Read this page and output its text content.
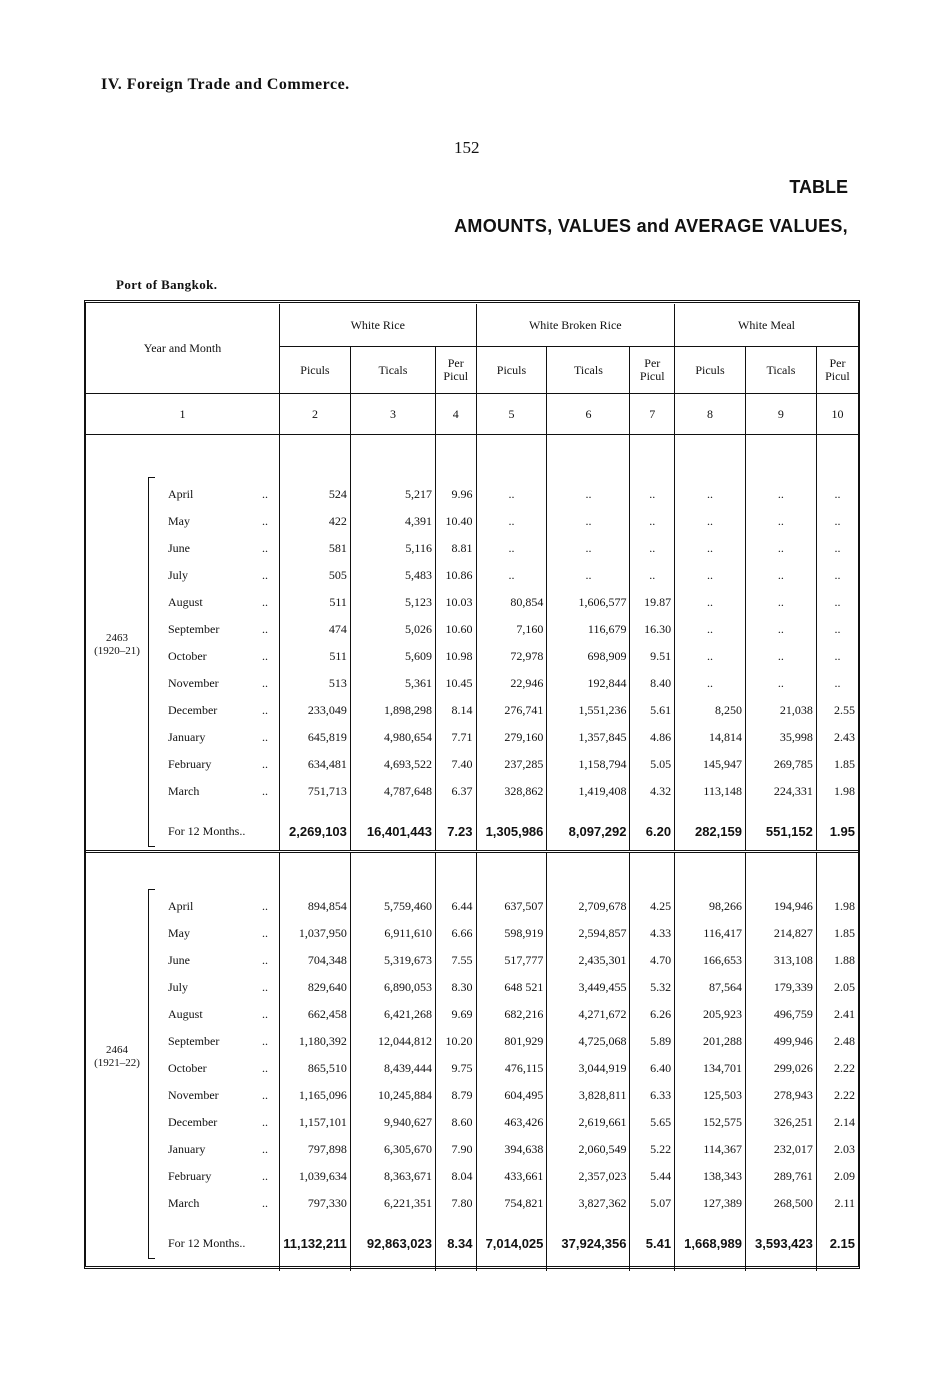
IV. Foreign Trade and Commerce.
152
TABLE
AMOUNTS, VALUES and AVERAGE VALUES,
Port of Bangkok.
Year and Month	White Rice			White Broken Rice			White Meal		
	Piculs	Ticals	Per Picul	Piculs	Ticals	Per Picul	Piculs	Ticals	Per Picul
1	2	3	4	5	6	7	8	9	10

April ..	524	5,217	9.96	..	..	..	..	..	..
May ..	422	4,391	10.40	..	..	..	..	..	..
June ..	581	5,116	8.81	..	..	..	..	..	..
July ..	505	5,483	10.86	..	..	..	..	..	..
August ..	511	5,123	10.03	80,854	1,606,577	19.87	..	..	..
September ..	474	5,026	10.60	7,160	116,679	16.30	..	..	..
October ..	511	5,609	10.98	72,978	698,909	9.51	..	..	..
November ..	513	5,361	10.45	22,946	192,844	8.40	..	..	..
December ..	233,049	1,898,298	8.14	276,741	1,551,236	5.61	8,250	21,038	2.55
January ..	645,819	4,980,654	7.71	279,160	1,357,845	4.86	14,814	35,998	2.43
February ..	634,481	4,693,522	7.40	237,285	1,158,794	5.05	145,947	269,785	1.85
March ..	751,713	4,787,648	6.37	328,862	1,419,408	4.32	113,148	224,331	1.98

For 12 Months..	2,269,103	16,401,443	7.23	1,305,986	8,097,292	6.20	282,159	551,152	1.95

April ..	894,854	5,759,460	6.44	637,507	2,709,678	4.25	98,266	194,946	1.98
May ..	1,037,950	6,911,610	6.66	598,919	2,594,857	4.33	116,417	214,827	1.85
June ..	704,348	5,319,673	7.55	517,777	2,435,301	4.70	166,653	313,108	1.88
July ..	829,640	6,890,053	8.30	648 521	3,449,455	5.32	87,564	179,339	2.05
August ..	662,458	6,421,268	9.69	682,216	4,271,672	6.26	205,923	496,759	2.41
September ..	1,180,392	12,044,812	10.20	801,929	4,725,068	5.89	201,288	499,946	2.48
October ..	865,510	8,439,444	9.75	476,115	3,044,919	6.40	134,701	299,026	2.22
November ..	1,165,096	10,245,884	8.79	604,495	3,828,811	6.33	125,503	278,943	2.22
December ..	1,157,101	9,940,627	8.60	463,426	2,619,661	5.65	152,575	326,251	2.14
January ..	797,898	6,305,670	7.90	394,638	2,060,549	5.22	114,367	232,017	2.03
February ..	1,039,634	8,363,671	8.04	433,661	2,357,023	5.44	138,343	289,761	2.09
March ..	797,330	6,221,351	7.80	754,821	3,827,362	5.07	127,389	268,500	2.11

For 12 Months..	11,132,211	92,863,023	8.34	7,014,025	37,924,356	5.41	1,668,989	3,593,423	2.15

2463
(1920–21)
2464
(1921–22)
